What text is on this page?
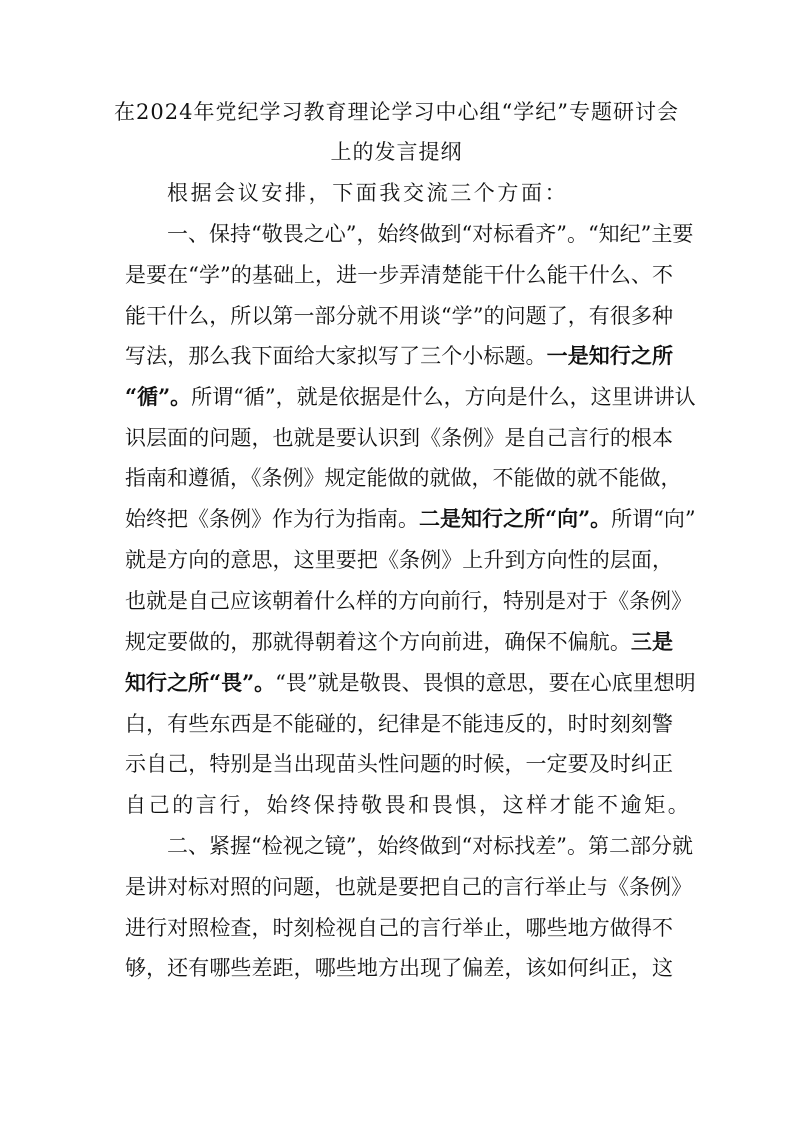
在2024年党纪学习教育理论学习中心组“学纪”专题研讨会
上的发言提纲
根据会议安排，下面我交流三个方面：
一、保持“敬畏之心”，始终做到“对标看齐”。“知纪”主要
是要在“学”的基础上，进一步弄清楚能干什么能干什么、不
能干什么，所以第一部分就不用谈“学”的问题了，有很多种
写法，那么我下面给大家拟写了三个小标题。一是知行之所
“循”。所谓“循”，就是依据是什么，方向是什么，这里讲讲认
识层面的问题，也就是要认识到《条例》是自己言行的根本
指南和遵循，《条例》规定能做的就做，不能做的就不能做，
始终把《条例》作为行为指南。二是知行之所“向”。所谓“向”
就是方向的意思，这里要把《条例》上升到方向性的层面，
也就是自己应该朝着什么样的方向前行，特别是对于《条例》
规定要做的，那就得朝着这个方向前进，确保不偏航。三是
知行之所“畏”。“畏”就是敬畏、畏惧的意思，要在心底里想明
白，有些东西是不能碰的，纪律是不能违反的，时时刻刻警
示自己，特别是当出现苗头性问题的时候，一定要及时纠正
自己的言行，始终保持敬畏和畏惧，这样才能不逾矩。
二、紧握“检视之镜”，始终做到“对标找差”。第二部分就
是讲对标对照的问题，也就是要把自己的言行举止与《条例》
进行对照检查，时刻检视自己的言行举止，哪些地方做得不
够，还有哪些差距，哪些地方出现了偏差，该如何纠正，这
